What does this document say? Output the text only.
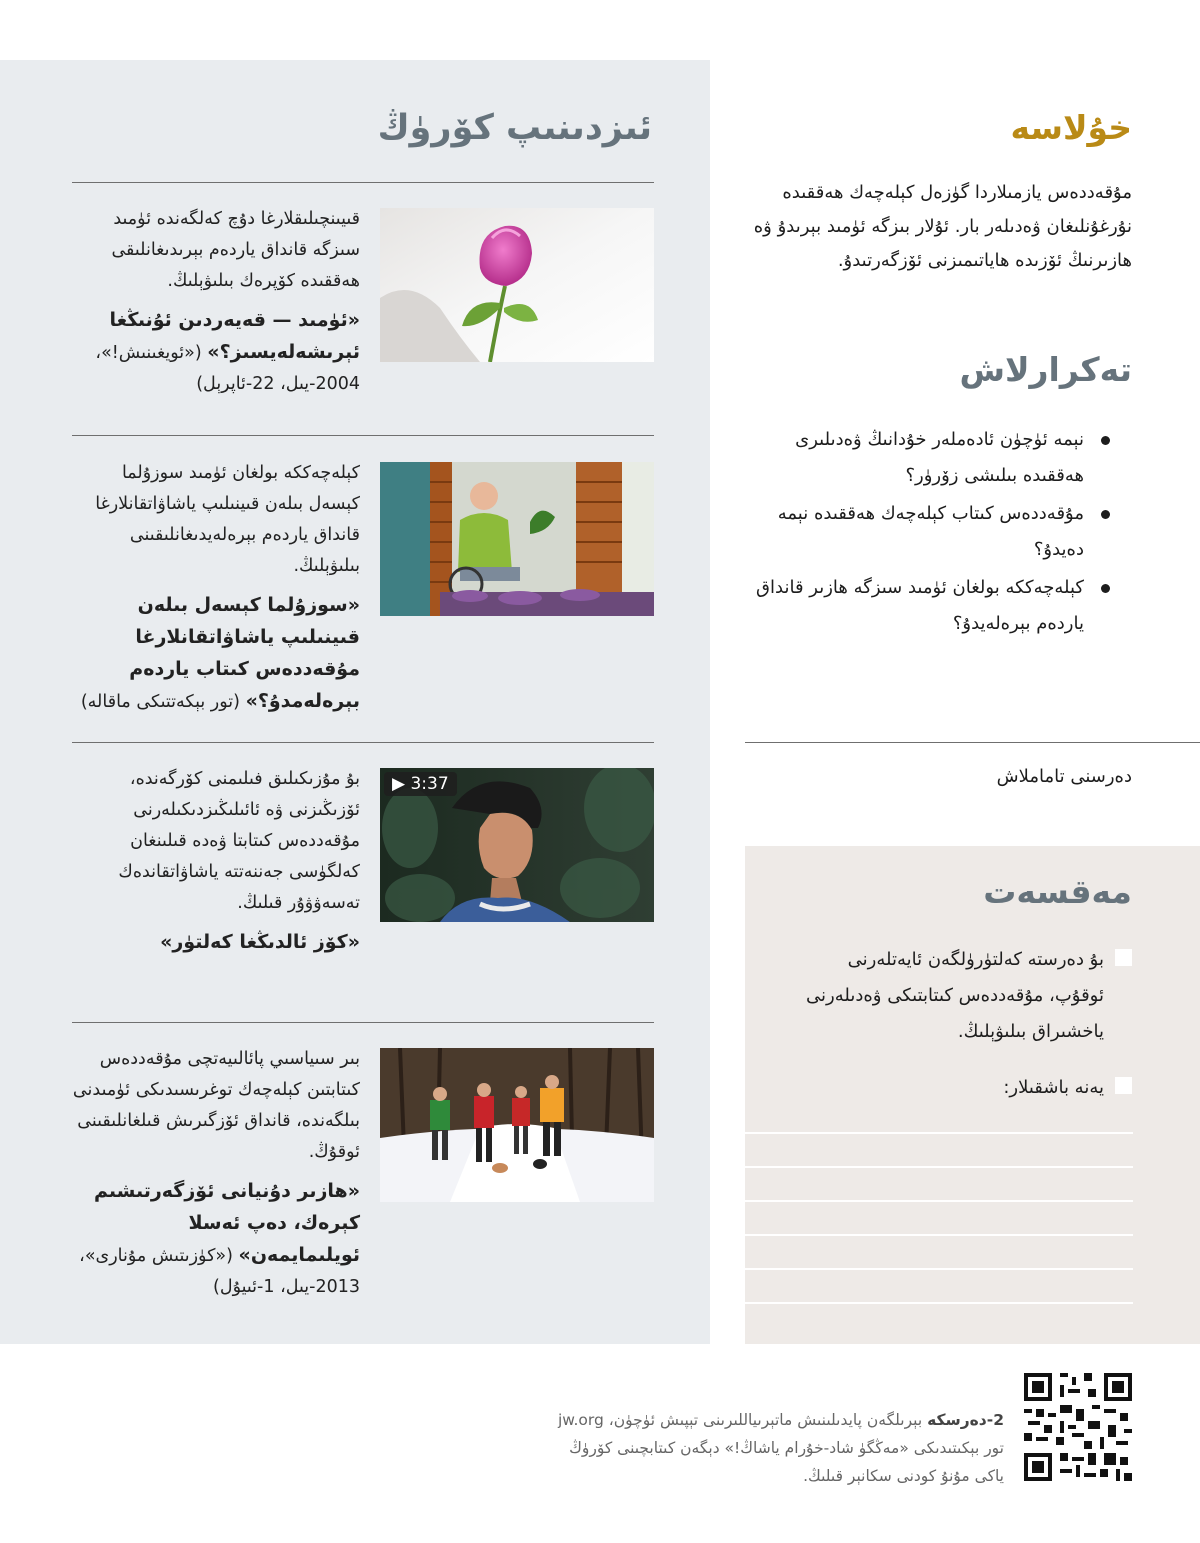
ئىزدىنىپ كۆرۈڭ
قىيىنچىلىقلارغا دۇچ كەلگەندە ئۈمىد سىزگە قانداق ياردەم بېرىدىغانلىقى ھەققىدە كۆپرەك بىلىۋېلىڭ.
«ئۈمىد — قەيەردىن ئۇنىڭغا ئېرىشەلەيسىز؟» («ئويغىنىش!»، 2004-يىل، 22-ئاپرېل)
كېلەچەككە بولغان ئۈمىد سوزۇلما كېسەل بىلەن قىينىلىپ ياشاۋاتقانلارغا قانداق ياردەم بېرەلەيدىغانلىقىنى بىلىۋېلىڭ.
«سوزۇلما كېسەل بىلەن قىينىلىپ ياشاۋاتقانلارغا مۇقەددەس كىتاب ياردەم بېرەلەمدۇ؟» (تور بېكەتتىكى ماقالە)
▶ 3:37
بۇ مۇزىكىلىق فىلىمنى كۆرگەندە، ئۆزىڭىزنى ۋە ئائىلىڭىزدىكىلەرنى مۇقەددەس كىتابتا ۋەدە قىلىنغان كەلگۈسى جەننەتتە ياشاۋاتقاندەك تەسەۋۋۇر قىلىڭ.
«كۆز ئالدىڭغا كەلتۈر»
بىر سىياسىي پائالىيەتچى مۇقەددەس كىتابتىن كېلەچەك توغرىسىدىكى ئۈمىدنى بىلگەندە، قانداق ئۆزگىرىش قىلغانلىقىنى ئوقۇڭ.
«ھازىر دۇنيانى ئۆزگەرتىشىم كېرەك، دەپ ئەسلا ئويلىمايمەن» («كۈزىتىش مۇنارى»، 2013-يىل، 1-ئىيۇل)
خۇلاسە
مۇقەددەس يازمىلاردا گۈزەل كېلەچەك ھەققىدە نۇرغۇنلىغان ۋەدىلەر بار. ئۇلار بىزگە ئۈمىد بېرىدۇ ۋە ھازىرنىڭ ئۆزىدە ھاياتىمىزنى ئۆزگەرتىدۇ.
تەكرارلاش
نېمە ئۈچۈن ئادەملەر خۇدانىڭ ۋەدىلىرى ھەققىدە بىلىشى زۆرۈر؟
مۇقەددەس كىتاب كېلەچەك ھەققىدە نېمە دەيدۇ؟
كېلەچەككە بولغان ئۈمىد سىزگە ھازىر قانداق ياردەم بېرەلەيدۇ؟
دەرسنى تاماملاش
مەقسەت
بۇ دەرستە كەلتۈرۈلگەن ئايەتلەرنى ئوقۇپ، مۇقەددەس كىتابتىكى ۋەدىلەرنى ياخشىراق بىلىۋېلىڭ.
يەنە باشقىلار:
2-دەرسكە بېرىلگەن پايدىلىنىش ماتېرىياللىرىنى تېپىش ئۈچۈن، jw.org تور بېكىتىدىكى «مەڭگۈ شاد-خۇرام ياشاڭ!» دېگەن كىتابچىنى كۆرۈڭ ياكى مۇنۇ كودنى سكانېر قىلىڭ.
